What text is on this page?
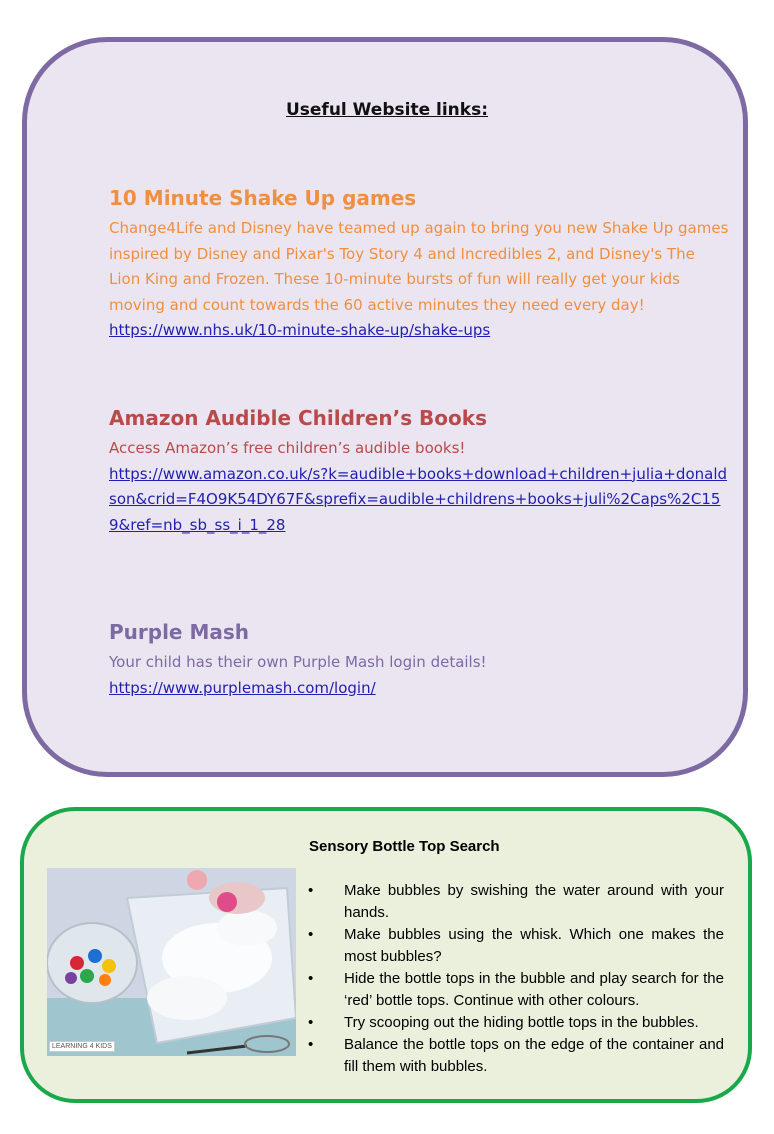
Useful Website links:
10 Minute Shake Up games

Change4Life and Disney have teamed up again to bring you new Shake Up games inspired by Disney and Pixar's Toy Story 4 and Incredibles 2, and Disney's The Lion King and Frozen. These 10-minute bursts of fun will really get your kids moving and count towards the 60 active minutes they need every day!

https://www.nhs.uk/10-minute-shake-up/shake-ups
Amazon Audible Children’s Books

Access Amazon’s free children’s audible books!

https://www.amazon.co.uk/s?k=audible+books+download+children+julia+donaldson&crid=F4O9K54DY67F&sprefix=audible+childrens+books+juli%2Caps%2C159&ref=nb_sb_ss_i_1_28
Purple Mash

Your child has their own Purple Mash login details!

https://www.purplemash.com/login/
Sensory Bottle Top Search
LEARNING 4 KIDS
• Make bubbles by swishing the water around with your hands.
• Make bubbles using the whisk. Which one makes the most bubbles?
• Hide the bottle tops in the bubble and play search for the ‘red’ bottle tops. Continue with other colours.
• Try scooping out the hiding bottle tops in the bubbles.
• Balance the bottle tops on the edge of the container and fill them with bubbles.
